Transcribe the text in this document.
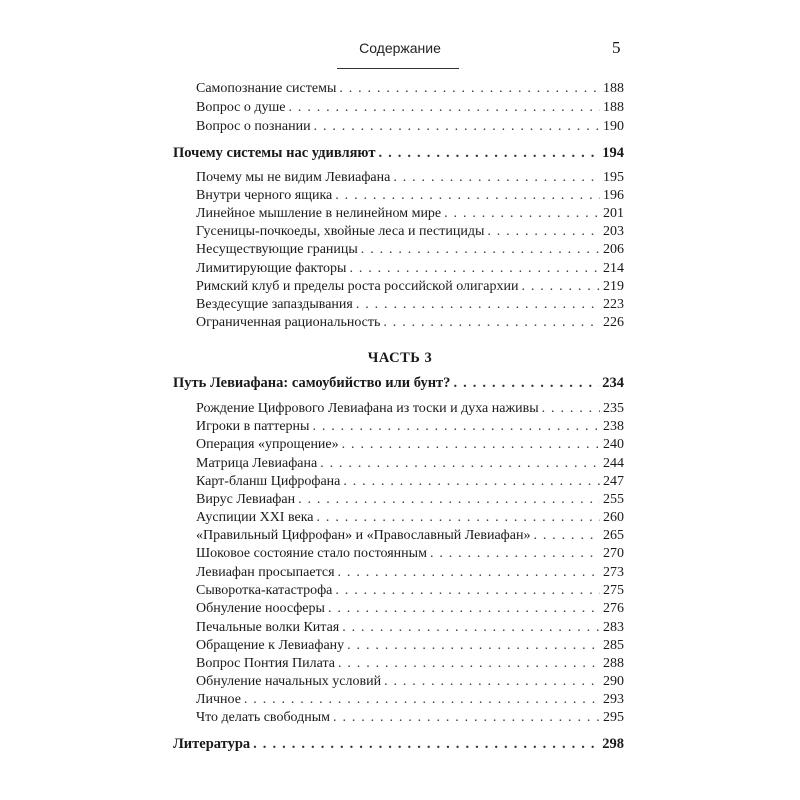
Содержание	5
Самопознание системы . . .	188
Вопрос о душе . . .	188
Вопрос о познании . . .	190
Почему системы нас удивляют . . .	194
Почему мы не видим Левиафана . . .	195
Внутри черного ящика . . .	196
Линейное мышление в нелинейном мире . . .	201
Гусеницы-почкоеды, хвойные леса и пестициды . . .	203
Несуществующие границы . . .	206
Лимитирующие факторы . . .	214
Римский клуб и пределы роста российской олигархии . . .	219
Вездесущие запаздывания . . .	223
Ограниченная рациональность . . .	226
ЧАСТЬ 3
Путь Левиафана: самоубийство или бунт? . . .	234
Рождение Цифрового Левиафана из тоски и духа наживы . . .	235
Игроки в паттерны . . .	238
Операция «упрощение» . . .	240
Матрица Левиафана . . .	244
Карт-бланш Цифрофана . . .	247
Вирус Левиафан . . .	255
Ауспиции XXI века . . .	260
«Правильный Цифрофан» и «Православный Левиафан» . . .	265
Шоковое состояние стало постоянным . . .	270
Левиафан просыпается . . .	273
Сыворотка-катастрофа . . .	275
Обнуление ноосферы . . .	276
Печальные волки Китая . . .	283
Обращение к Левиафану . . .	285
Вопрос Понтия Пилата . . .	288
Обнуление начальных условий . . .	290
Личное . . .	293
Что делать свободным . . .	295
Литература . . .	298
